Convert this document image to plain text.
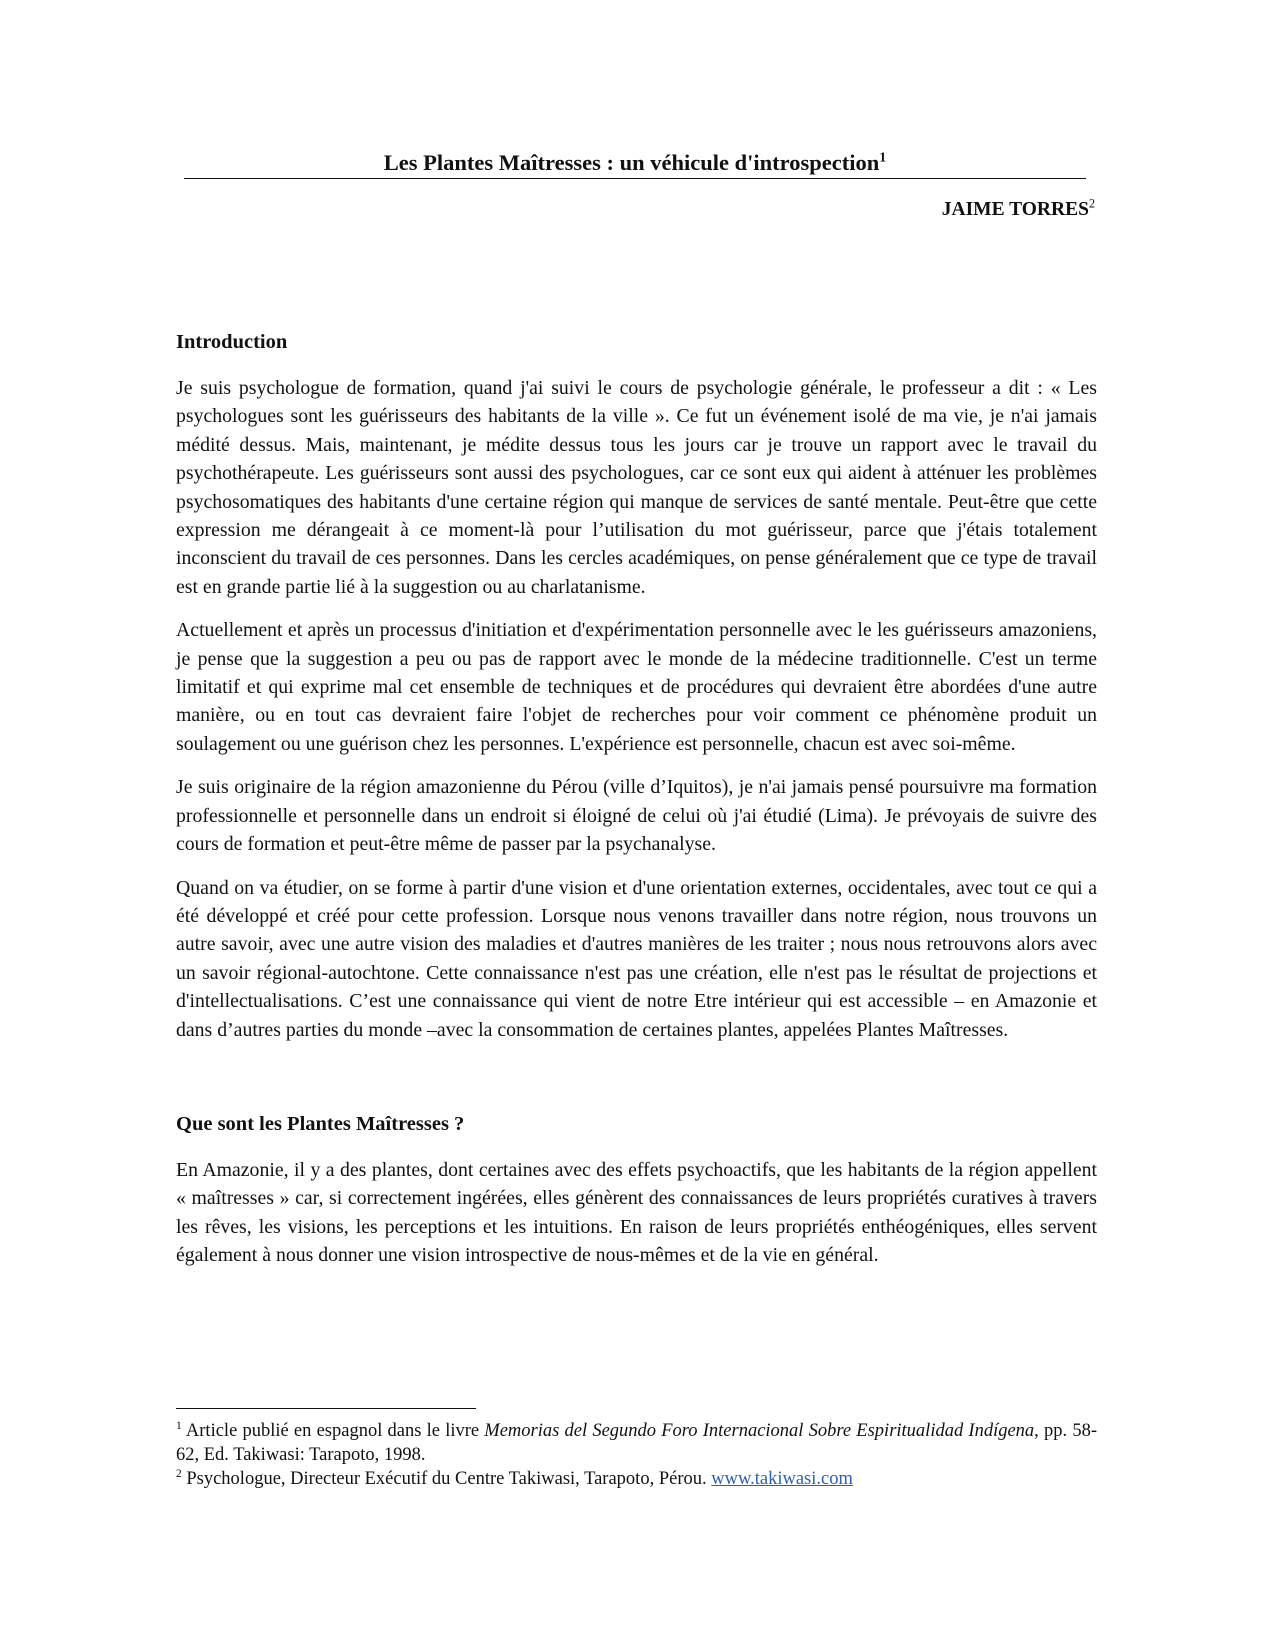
Les Plantes Maîtresses : un véhicule d'introspection$^1$
JAIME TORRES$^2$
Introduction

Je suis psychologue de formation, quand j'ai suivi le cours de psychologie générale, le professeur a dit : « Les psychologues sont les guérisseurs des habitants de la ville ». Ce fut un événement isolé de ma vie, je n'ai jamais médité dessus. Mais, maintenant, je médite dessus tous les jours car je trouve un rapport avec le travail du psychothérapeute. Les guérisseurs sont aussi des psychologues, car ce sont eux qui aident à atténuer les problèmes psychosomatiques des habitants d'une certaine région qui manque de services de santé mentale. Peut-être que cette expression me dérangeait à ce moment-là pour l’utilisation du mot guérisseur, parce que j'étais totalement inconscient du travail de ces personnes. Dans les cercles académiques, on pense généralement que ce type de travail est en grande partie lié à la suggestion ou au charlatanisme.

Actuellement et après un processus d'initiation et d'expérimentation personnelle avec le les guérisseurs amazoniens, je pense que la suggestion a peu ou pas de rapport avec le monde de la médecine traditionnelle. C'est un terme limitatif et qui exprime mal cet ensemble de techniques et de procédures qui devraient être abordées d'une autre manière, ou en tout cas devraient faire l'objet de recherches pour voir comment ce phénomène produit un soulagement ou une guérison chez les personnes. L'expérience est personnelle, chacun est avec soi-même.

Je suis originaire de la région amazonienne du Pérou (ville d’Iquitos), je n'ai jamais pensé poursuivre ma formation professionnelle et personnelle dans un endroit si éloigné de celui où j'ai étudié (Lima). Je prévoyais de suivre des cours de formation et peut-être même de passer par la psychanalyse.

Quand on va étudier, on se forme à partir d'une vision et d'une orientation externes, occidentales, avec tout ce qui a été développé et créé pour cette profession. Lorsque nous venons travailler dans notre région, nous trouvons un autre savoir, avec une autre vision des maladies et d'autres manières de les traiter ; nous nous retrouvons alors avec un savoir régional-autochtone. Cette connaissance n'est pas une création, elle n'est pas le résultat de projections et d'intellectualisations. C’est une connaissance qui vient de notre Etre intérieur qui est accessible – en Amazonie et dans d’autres parties du monde –avec la consommation de certaines plantes, appelées Plantes Maîtresses.

Que sont les Plantes Maîtresses ?

En Amazonie, il y a des plantes, dont certaines avec des effets psychoactifs, que les habitants de la région appellent « maîtresses » car, si correctement ingérées, elles génèrent des connaissances de leurs propriétés curatives à travers les rêves, les visions, les perceptions et les intuitions. En raison de leurs propriétés enthéogéniques, elles servent également à nous donner une vision introspective de nous-mêmes et de la vie en général.

$^1$ Article publié en espagnol dans le livre Memorias del Segundo Foro Internacional Sobre Espiritualidad Indígena, pp. 58-62, Ed. Takiwasi: Tarapoto, 1998.

$^2$ Psychologue, Directeur Exécutif du Centre Takiwasi, Tarapoto, Pérou. www.takiwasi.com
